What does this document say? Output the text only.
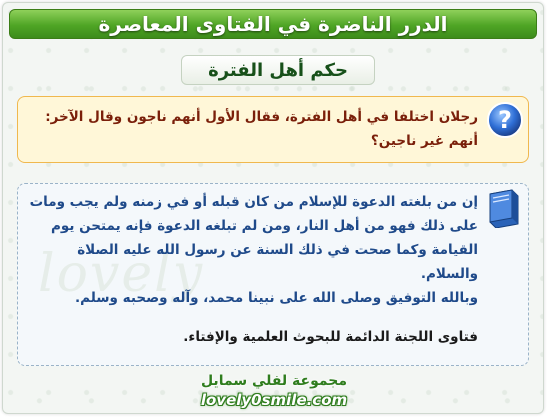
الدرر الناضرة في الفتاوى المعاصرة
حكم أهل الفترة
?
رجلان اختلفا في أهل الفترة، فقال الأول أنهم ناجون وقال الآخر: أنهم غير ناجين؟
lovely
إن من بلغته الدعوة للإسلام من كان قبله أو في زمنه ولم يجب ومات على ذلك فهو من أهل النار، ومن لم تبلغه الدعوة فإنه يمتحن يوم القيامة وكما صحت في ذلك السنة عن رسول الله عليه الصلاة والسلام.
وبالله التوفيق وصلى الله على نبينا محمد، وآله وصحبه وسلم.
فتاوى اللجنة الدائمة للبحوث العلمية والإفتاء.
مجموعة لفلي سمايل
lovely0smile.com
